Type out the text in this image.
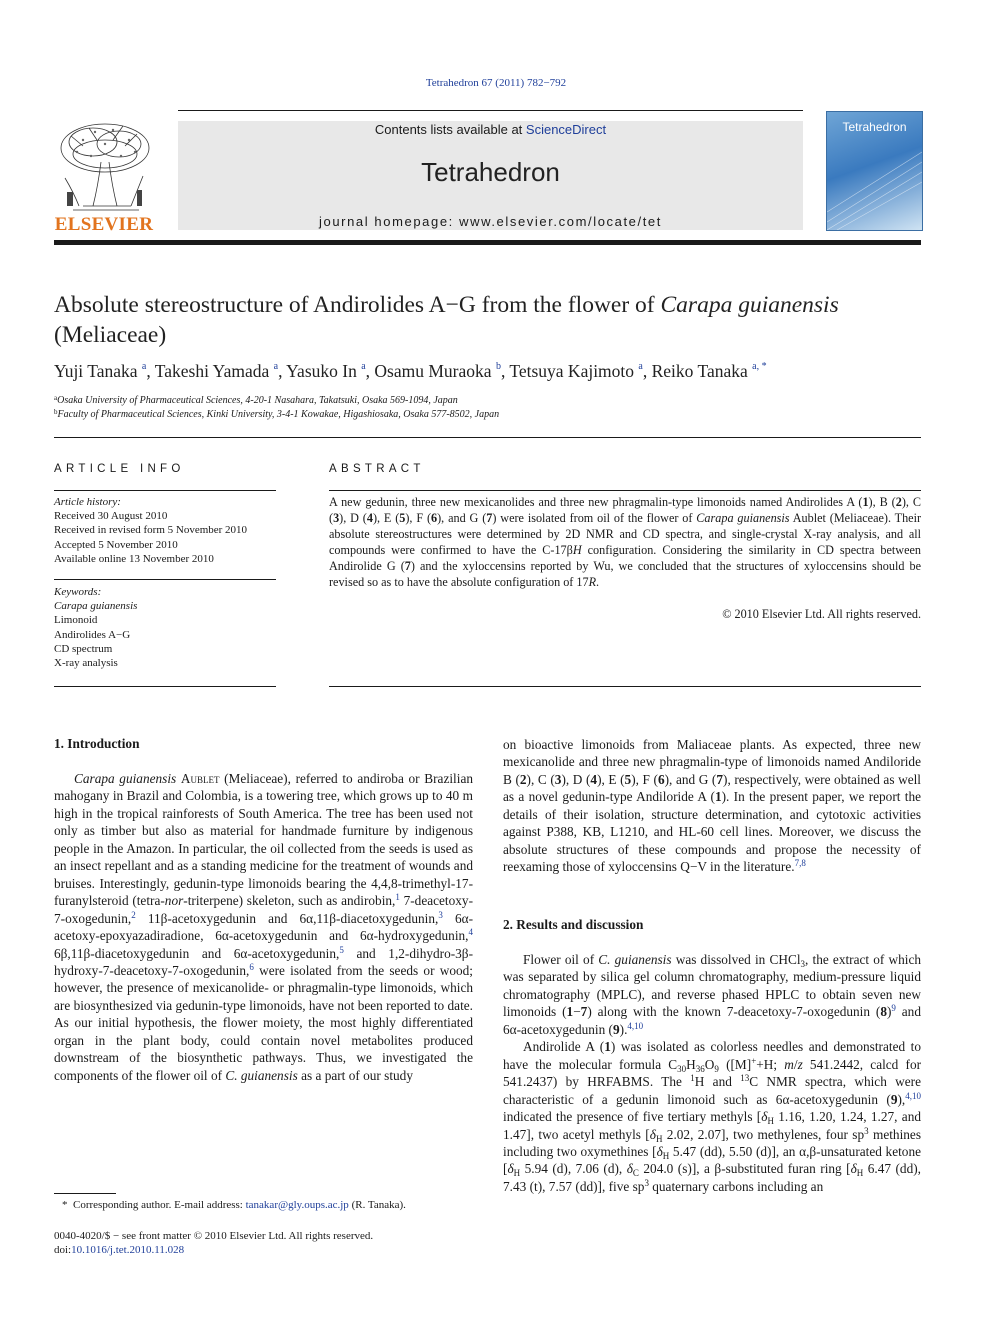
Tetrahedron 67 (2011) 782−792
ELSEVIER
Contents lists available at ScienceDirect
Tetrahedron
journal homepage: www.elsevier.com/locate/tet
Tetrahedron
Absolute stereostructure of Andirolides A−G from the flower of Carapa guianensis
(Meliaceae)
Yuji Tanaka $^a$, Takeshi Yamada $^a$, Yasuko In $^a$, Osamu Muraoka $^b$, Tetsuya Kajimoto $^a$, Reiko Tanaka $^{a, *}$
$^a$Osaka University of Pharmaceutical Sciences, 4-20-1 Nasahara, Takatsuki, Osaka 569-1094, Japan
$^b$Faculty of Pharmaceutical Sciences, Kinki University, 3-4-1 Kowakae, Higashiosaka, Osaka 577-8502, Japan
ARTICLE INFO
Article history:
Received 30 August 2010
Received in revised form 5 November 2010
Accepted 5 November 2010
Available online 13 November 2010
Keywords:
Carapa guianensis
Limonoid
Andirolides A−G
CD spectrum
X-ray analysis
ABSTRACT
A new gedunin, three new mexicanolides and three new phragmalin-type limonoids named Andirolides A (1), B (2), C (3), D (4), E (5), F (6), and G (7) were isolated from oil of the flower of Carapa guianensis Aublet (Meliaceae). Their absolute stereostructures were determined by 2D NMR and CD spectra, and single-crystal X-ray analysis, and all compounds were confirmed to have the C-17βH configuration. Considering the similarity in CD spectra between Andirolide G (7) and the xyloccensins reported by Wu, we concluded that the structures of xyloccensins should be revised so as to have the absolute configuration of 17R.
© 2010 Elsevier Ltd. All rights reserved.
1. Introduction

Carapa guianensis Aublet (Meliaceae), referred to andiroba or Brazilian mahogany in Brazil and Colombia, is a towering tree, which grows up to 40 m high in the tropical rainforests of South America. The tree has been used not only as timber but also as material for handmade furniture by indigenous people in the Amazon. In particular, the oil collected from the seeds is used as an insect repellant and as a standing medicine for the treatment of wounds and bruises. Interestingly, gedunin-type limonoids bearing the 4,4,8-trimethyl-17-furanylsteroid (tetra-nor-triterpene) skeleton, such as andirobin,$^1$ 7-deacetoxy-7-oxogedunin,$^2$ 11β-acetoxygedunin and 6α,11β-diacetoxygedunin,$^3$ 6α-acetoxy-epoxyazadiradione, 6α-acetoxygedunin and 6α-hydroxygedunin,$^4$ 6β,11β-diacetoxygedunin and 6α-acetoxygedunin,$^5$ and 1,2-dihydro-3β-hydroxy-7-deacetoxy-7-oxogedunin,$^6$ were isolated from the seeds or wood; however, the presence of mexicanolide- or phragmalin-type limonoids, which are biosynthesized via gedunin-type limonoids, have not been reported to date. As our initial hypothesis, the flower moiety, the most highly differentiated organ in the plant body, could contain novel metabolites produced downstream of the biosynthetic pathways. Thus, we investigated the components of the flower oil of C. guianensis as a part of our study

on bioactive limonoids from Maliaceae plants. As expected, three new mexicanolide and three new phragmalin-type of limonoids named Andiloride B (2), C (3), D (4), E (5), F (6), and G (7), respectively, were obtained as well as a novel gedunin-type Andiloride A (1). In the present paper, we report the details of their isolation, structure determination, and cytotoxic activities against P388, KB, L1210, and HL-60 cell lines. Moreover, we discuss the absolute structures of these compounds and propose the necessity of reexaming those of xyloccensins Q−V in the literature.$^{7,8}$

2. Results and discussion

Flower oil of C. guianensis was dissolved in CHCl$_3$, the extract of which was separated by silica gel column chromatography, medium-pressure liquid chromatography (MPLC), and reverse phased HPLC to obtain seven new limonoids (1−7) along with the known 7-deacetoxy-7-oxogedunin $(8)^9$ and 6α-acetoxygedunin (9).$^{4,10}$

Andirolide A (1) was isolated as colorless needles and demonstrated to have the molecular formula $C_{30}H_{36}O_9$ ([M]++H; m/z 541.2442, calcd for 541.2437) by HRFABMS. The $^1$H and $^{13}$C NMR spectra, which were characteristic of a gedunin limonoid such as 6α-acetoxygedunin (9),$^{4,10}$ indicated the presence of five tertiary methyls [$\delta_H$ 1.16, 1.20, 1.24, 1.27, and 1.47], two acetyl methyls [$\delta_H$ 2.02, 2.07], two methylenes, four $sp^3$ methines including two oxymethines [$\delta_H$ 5.47 (dd), 5.50 (d)], an α,β-unsaturated ketone [$\delta_H$ 5.94 (d), 7.06 (d), $\delta_C$ 204.0 (s)], a β-substituted furan ring [$\delta_H$ 6.47 (dd), 7.43 (t), 7.57 (dd)], five $sp^3$ quaternary carbons including an

* Corresponding author. E-mail address: tanakar@gly.oups.ac.jp (R. Tanaka).
0040-4020/$ − see front matter © 2010 Elsevier Ltd. All rights reserved.
doi:10.1016/j.tet.2010.11.028
